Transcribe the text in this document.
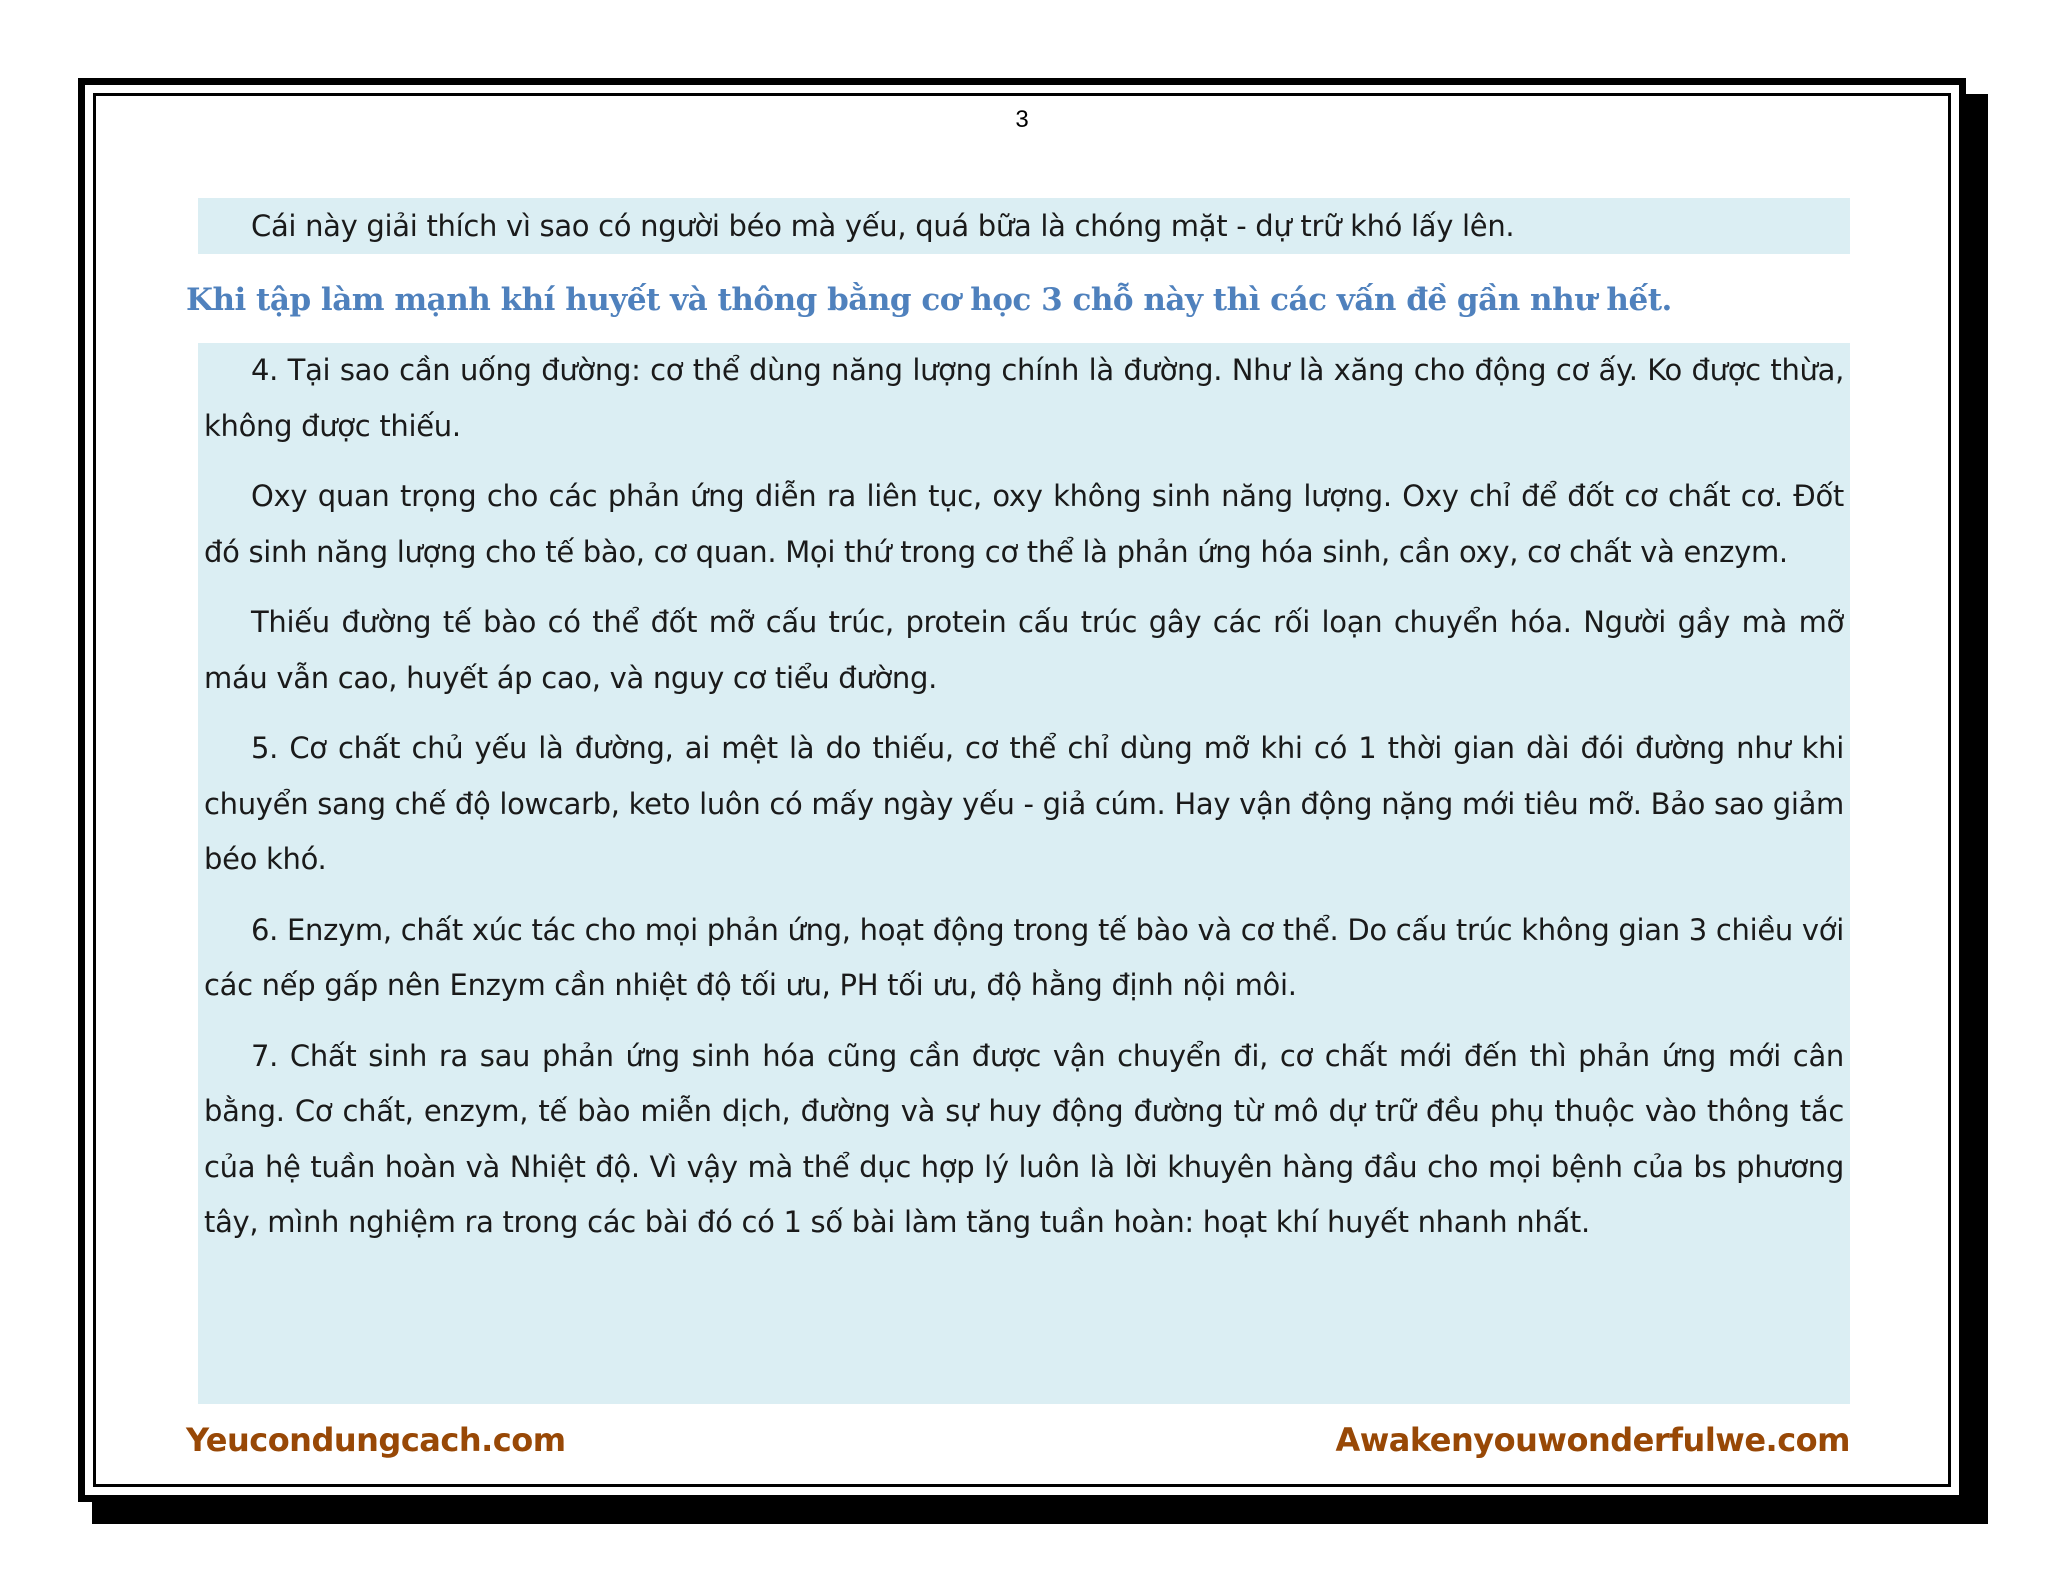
3

Cái này giải thích vì sao có người béo mà yếu, quá bữa là chóng mặt - dự trữ khó lấy lên.

Khi tập làm mạnh khí huyết và thông bằng cơ học 3 chỗ này thì các vấn đề gần như hết.

4. Tại sao cần uống đường: cơ thể dùng năng lượng chính là đường. Như là xăng cho động cơ ấy. Ko được thừa, không được thiếu.

Oxy quan trọng cho các phản ứng diễn ra liên tục, oxy không sinh năng lượng. Oxy chỉ để đốt cơ chất cơ. Đốt đó sinh năng lượng cho tế bào, cơ quan. Mọi thứ trong cơ thể là phản ứng hóa sinh, cần oxy, cơ chất và enzym.

Thiếu đường tế bào có thể đốt mỡ cấu trúc, protein cấu trúc gây các rối loạn chuyển hóa. Người gầy mà mỡ máu vẫn cao, huyết áp cao, và nguy cơ tiểu đường.

5. Cơ chất chủ yếu là đường, ai mệt là do thiếu, cơ thể chỉ dùng mỡ khi có 1 thời gian dài đói đường như khi chuyển sang chế độ lowcarb, keto luôn có mấy ngày yếu - giả cúm. Hay vận động nặng mới tiêu mỡ. Bảo sao giảm béo khó.

6. Enzym, chất xúc tác cho mọi phản ứng, hoạt động trong tế bào và cơ thể. Do cấu trúc không gian 3 chiều với các nếp gấp nên Enzym cần nhiệt độ tối ưu, PH tối ưu, độ hằng định nội môi.

7. Chất sinh ra sau phản ứng sinh hóa cũng cần được vận chuyển đi, cơ chất mới đến thì phản ứng mới cân bằng. Cơ chất, enzym, tế bào miễn dịch, đường và sự huy động đường từ mô dự trữ đều phụ thuộc vào thông tắc của hệ tuần hoàn và Nhiệt độ. Vì vậy mà thể dục hợp lý luôn là lời khuyên hàng đầu cho mọi bệnh của bs phương tây, mình nghiệm ra trong các bài đó có 1 số bài làm tăng tuần hoàn: hoạt khí huyết nhanh nhất.

Yeucondungcach.com	Awakenyouwonderfulwe.com
